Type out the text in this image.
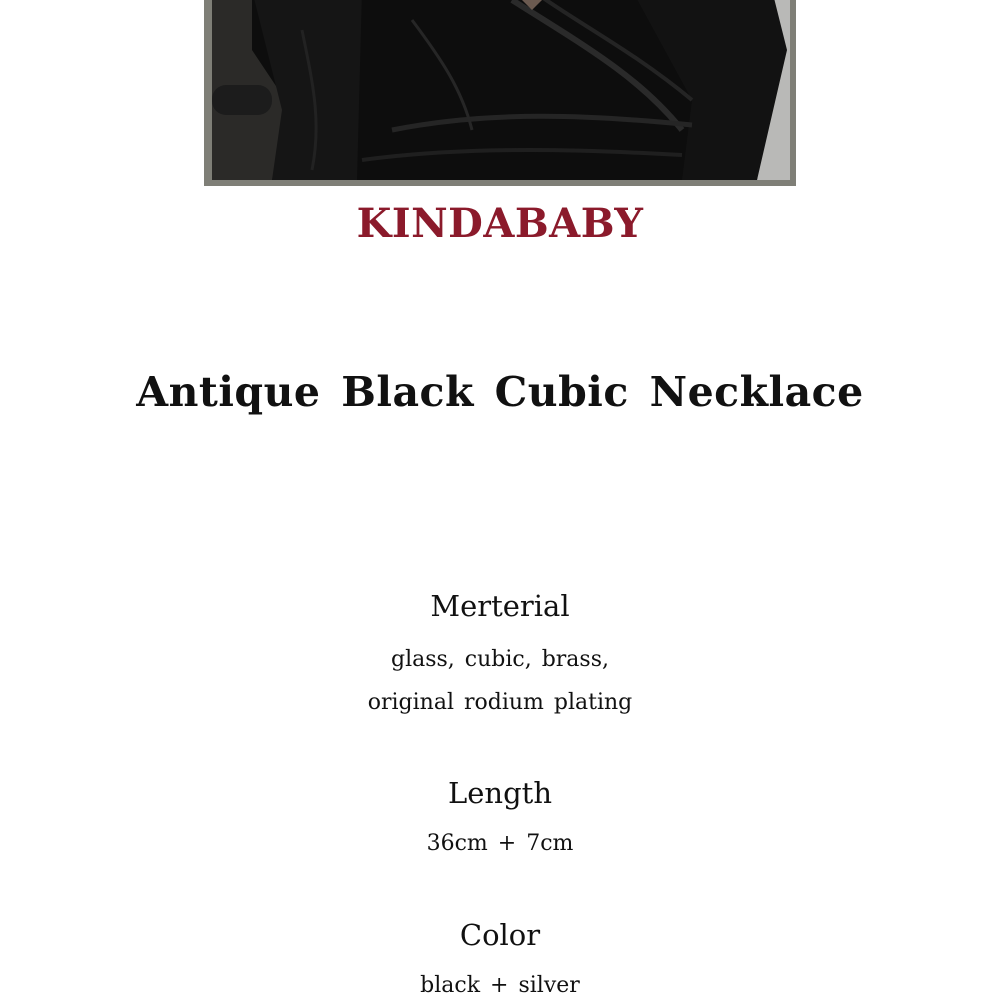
KINDABABY
Antique Black Cubic Necklace
Merterial
glass, cubic, brass,
original rodium plating
Length
36cm + 7cm
Color
black + silver
